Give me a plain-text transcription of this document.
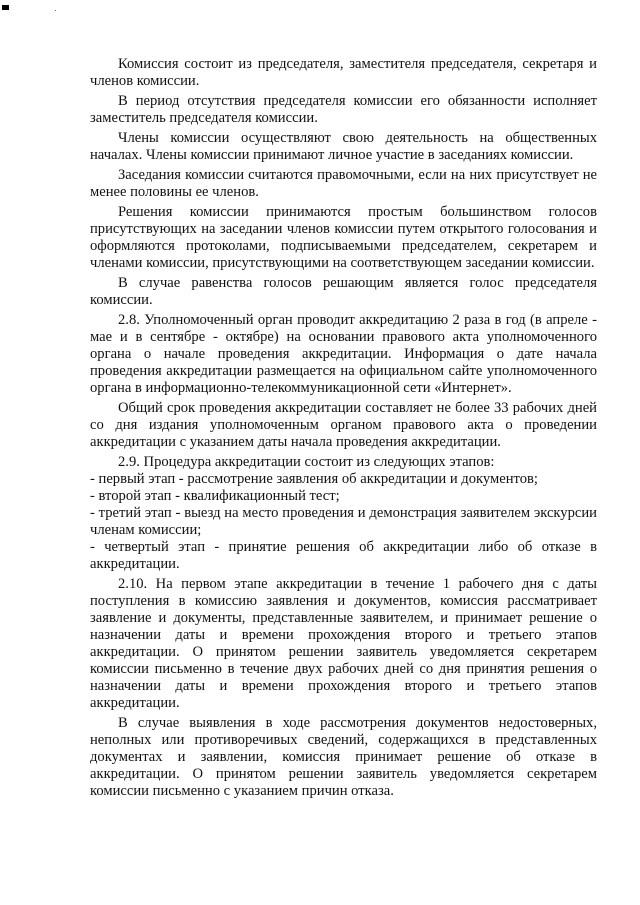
Комиссия состоит из председателя, заместителя председателя, секретаря и членов комиссии.

В период отсутствия председателя комиссии его обязанности исполняет заместитель председателя комиссии.

Члены комиссии осуществляют свою деятельность на общественных началах. Члены комиссии принимают личное участие в заседаниях комиссии.

Заседания комиссии считаются правомочными, если на них присутствует не менее половины ее членов.

Решения комиссии принимаются простым большинством голосов присутствующих на заседании членов комиссии путем открытого голосования и оформляются протоколами, подписываемыми председателем, секретарем и членами комиссии, присутствующими на соответствующем заседании комиссии.

В случае равенства голосов решающим является голос председателя комиссии.

2.8. Уполномоченный орган проводит аккредитацию 2 раза в год (в апреле - мае и в сентябре - октябре) на основании правового акта уполномоченного органа о начале проведения аккредитации. Информация о дате начала проведения аккредитации размещается на официальном сайте уполномоченного органа в информационно-телекоммуникационной сети «Интернет».

Общий срок проведения аккредитации составляет не более 33 рабочих дней со дня издания уполномоченным органом правового акта о проведении аккредитации с указанием даты начала проведения аккредитации.

2.9. Процедура аккредитации состоит из следующих этапов:

- первый этап - рассмотрение заявления об аккредитации и документов;

- второй этап - квалификационный тест;

- третий этап - выезд на место проведения и демонстрация заявителем экскурсии членам комиссии;

- четвертый этап - принятие решения об аккредитации либо об отказе в аккредитации.

2.10. На первом этапе аккредитации в течение 1 рабочего дня с даты поступления в комиссию заявления и документов, комиссия рассматривает заявление и документы, представленные заявителем, и принимает решение о назначении даты и времени прохождения второго и третьего этапов аккредитации. О принятом решении заявитель уведомляется секретарем комиссии письменно в течение двух рабочих дней со дня принятия решения о назначении даты и времени прохождения второго и третьего этапов аккредитации.

В случае выявления в ходе рассмотрения документов недостоверных, неполных или противоречивых сведений, содержащихся в представленных документах и заявлении, комиссия принимает решение об отказе в аккредитации. О принятом решении заявитель уведомляется секретарем комиссии письменно с указанием причин отказа.
